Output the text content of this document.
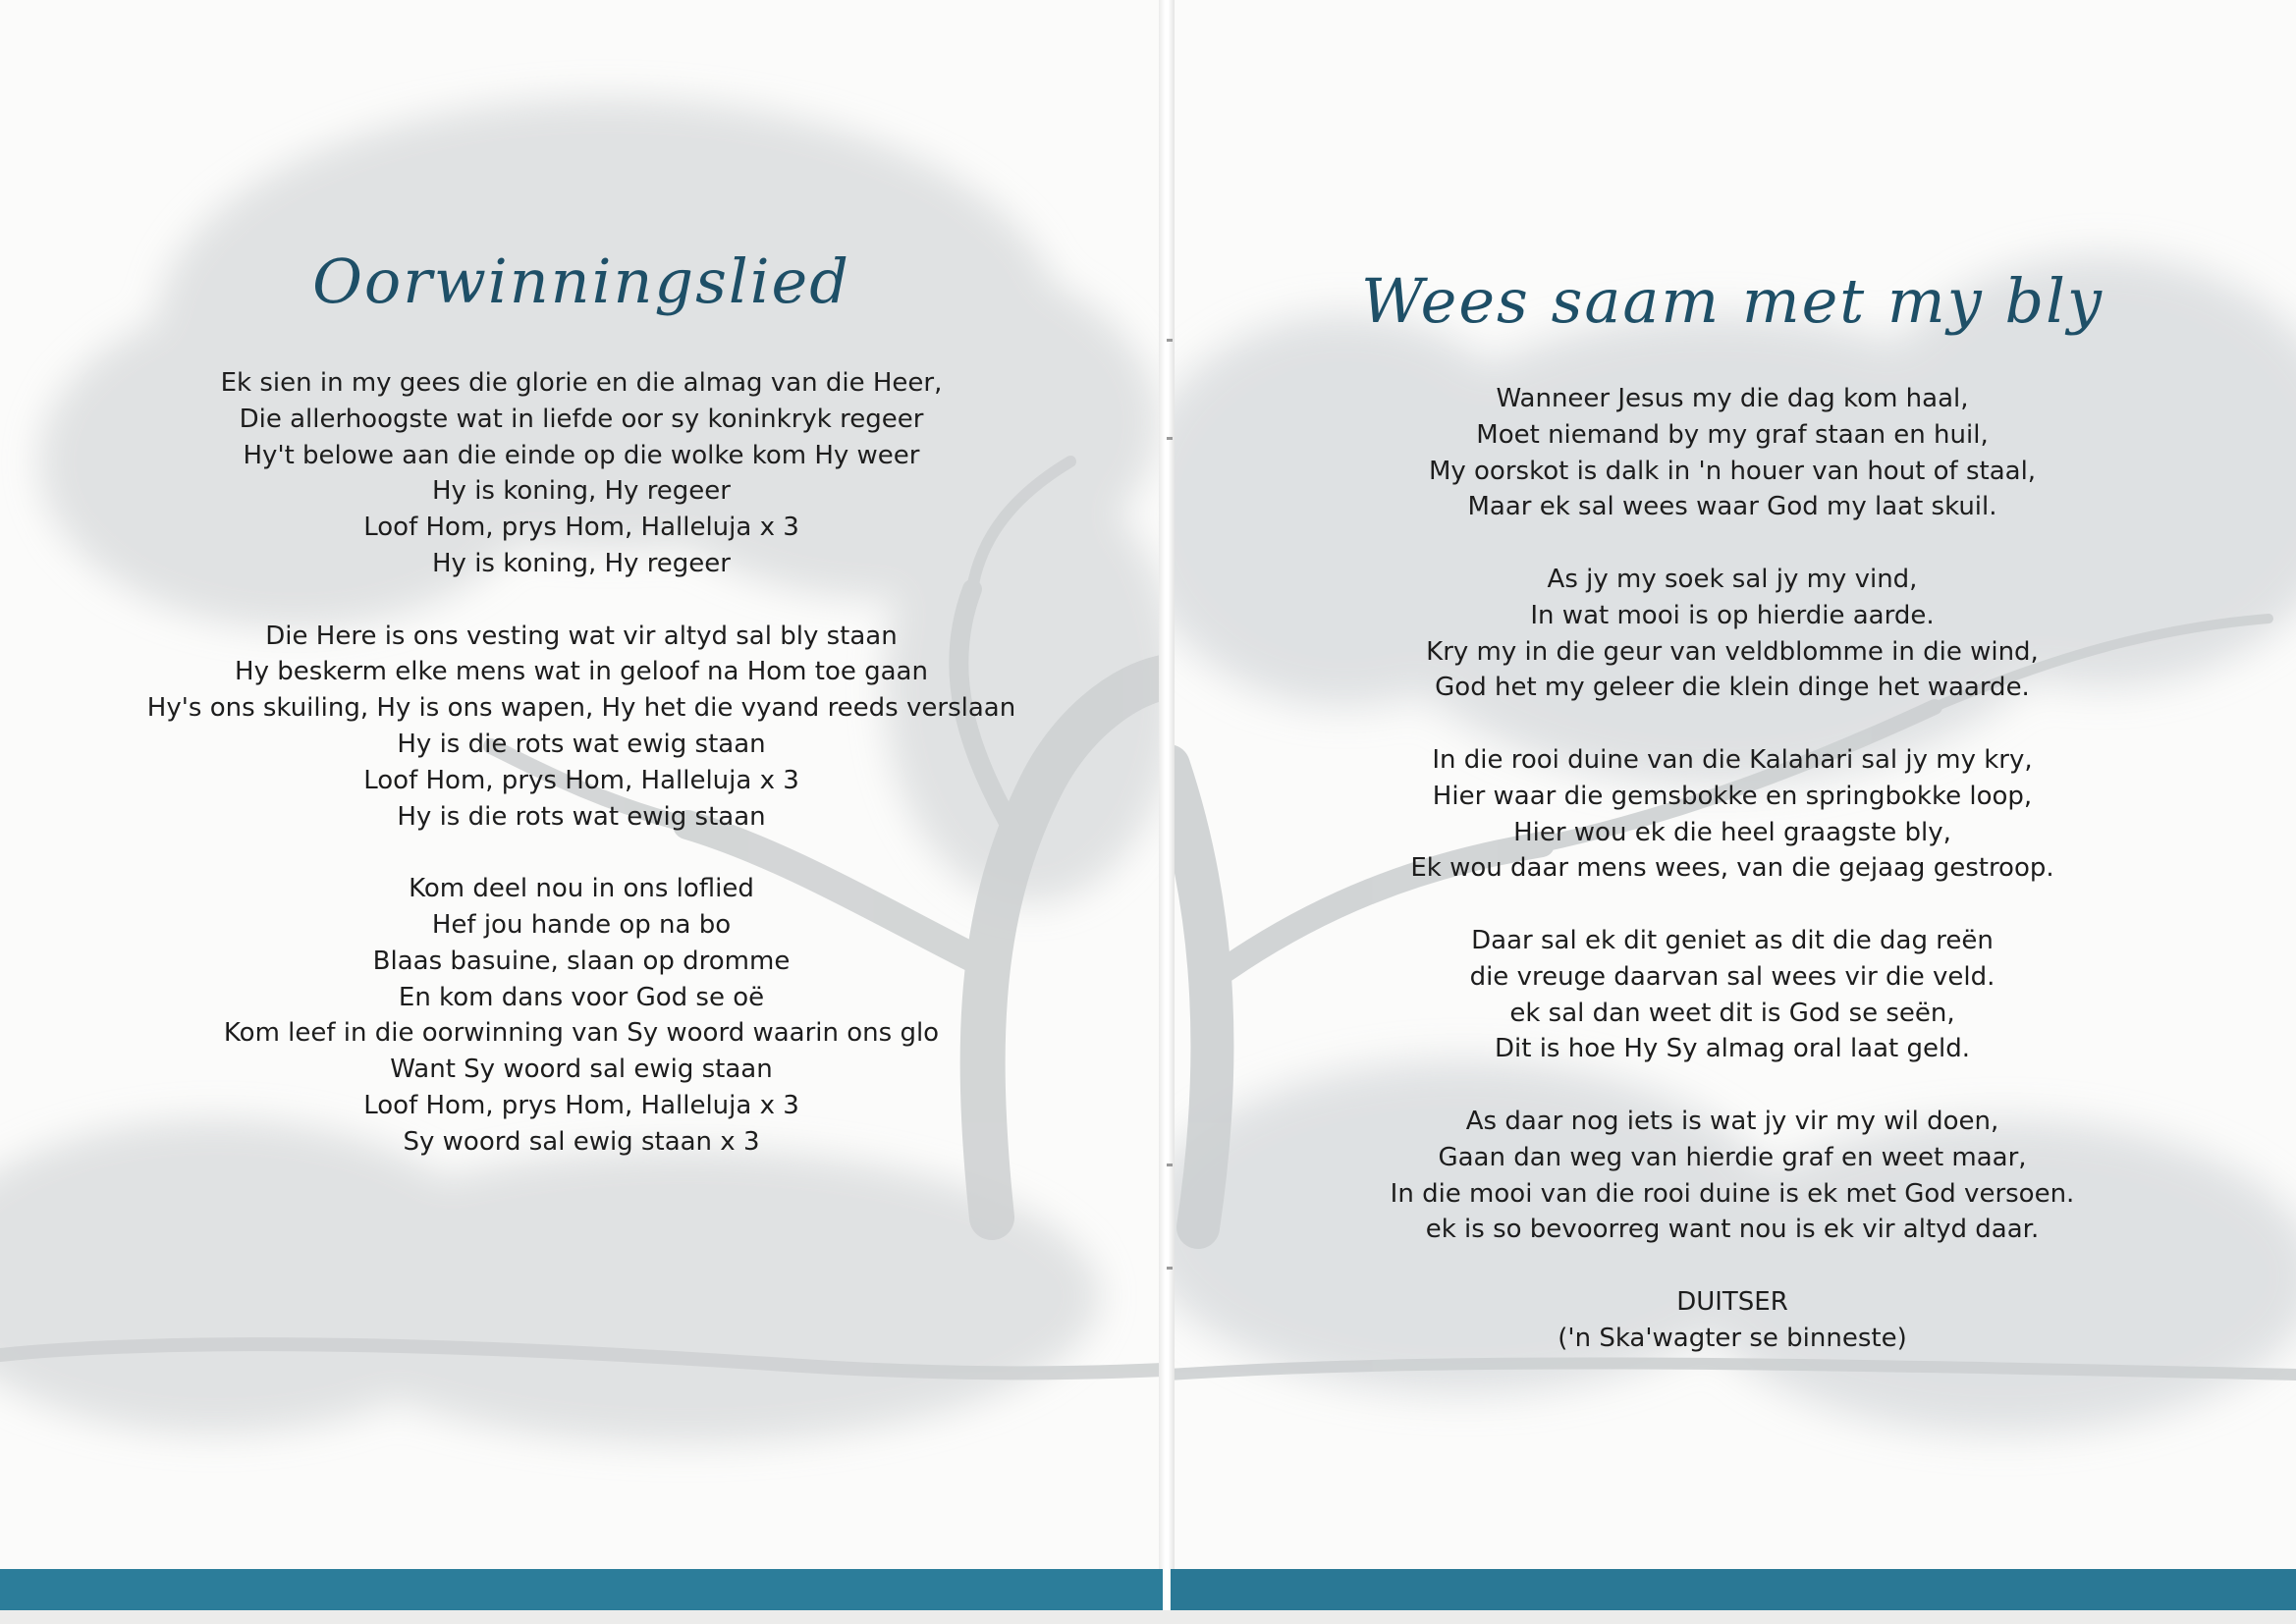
Oorwinningslied

Ek sien in my gees die glorie en die almag van die Heer,
Die allerhoogste wat in liefde oor sy koninkryk regeer
Hy't belowe aan die einde op die wolke kom Hy weer
Hy is koning, Hy regeer
Loof Hom, prys Hom, Halleluja x 3
Hy is koning, Hy regeer

Die Here is ons vesting wat vir altyd sal bly staan
Hy beskerm elke mens wat in geloof na Hom toe gaan
Hy's ons skuiling, Hy is ons wapen, Hy het die vyand reeds verslaan
Hy is die rots wat ewig staan
Loof Hom, prys Hom, Halleluja x 3
Hy is die rots wat ewig staan

Kom deel nou in ons loflied
Hef jou hande op na bo
Blaas basuine, slaan op dromme
En kom dans voor God se oë
Kom leef in die oorwinning van Sy woord waarin ons glo
Want Sy woord sal ewig staan
Loof Hom, prys Hom, Halleluja x 3
Sy woord sal ewig staan x 3

Wees saam met my bly

Wanneer Jesus my die dag kom haal,
Moet niemand by my graf staan en huil,
My oorskot is dalk in 'n houer van hout of staal,
Maar ek sal wees waar God my laat skuil.

As jy my soek sal jy my vind,
In wat mooi is op hierdie aarde.
Kry my in die geur van veldblomme in die wind,
God het my geleer die klein dinge het waarde.

In die rooi duine van die Kalahari sal jy my kry,
Hier waar die gemsbokke en springbokke loop,
Hier wou ek die heel graagste bly,
Ek wou daar mens wees, van die gejaag gestroop.

Daar sal ek dit geniet as dit die dag reën
die vreuge daarvan sal wees vir die veld.
ek sal dan weet dit is God se seën,
Dit is hoe Hy Sy almag oral laat geld.

As daar nog iets is wat jy vir my wil doen,
Gaan dan weg van hierdie graf en weet maar,
In die mooi van die rooi duine is ek met God versoen.
ek is so bevoorreg want nou is ek vir altyd daar.

DUITSER
('n Ska'wagter se binneste)
